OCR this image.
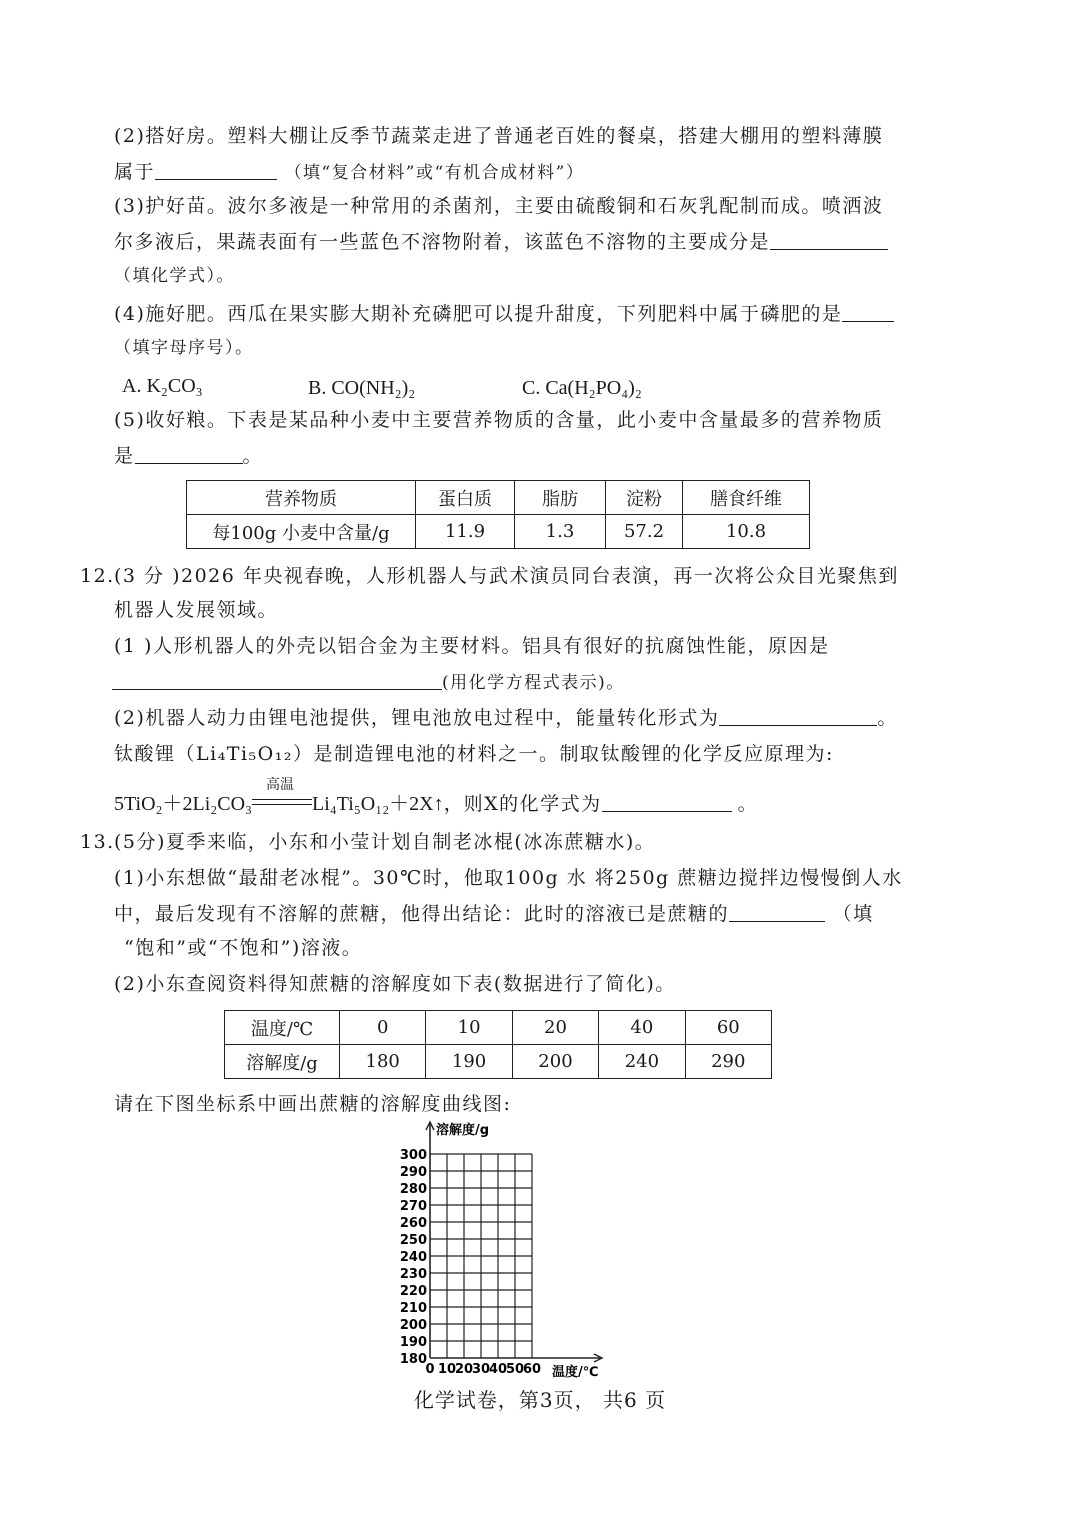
(2)搭好房。塑料大棚让反季节蔬菜走进了普通老百姓的餐桌，搭建大棚用的塑料薄膜
属于	（填“复合材料”或“有机合成材料”）
(3)护好苗。波尔多液是一种常用的杀菌剂，主要由硫酸铜和石灰乳配制而成。喷洒波
尔多液后，果蔬表面有一些蓝色不溶物附着，该蓝色不溶物的主要成分是
（填化学式）。
(4)施好肥。西瓜在果实膨大期补充磷肥可以提升甜度，下列肥料中属于磷肥的是
（填字母序号）。
A. K₂CO₃	B. CO(NH₂)₂	C. Ca(H₂PO₄)₂
(5)收好粮。下表是某品种小麦中主要营养物质的含量，此小麦中含量最多的营养物质
是	。
营养物质	蛋白质	脂肪	淀粉	膳食纤维
每100g 小麦中含量/g	11.9	1.3	57.2	10.8
12. (3 分 )2026 年央视春晚，人形机器人与武术演员同台表演，再一次将公众目光聚焦到
机器人发展领域。
(1 )人形机器人的外壳以铝合金为主要材料。铝具有很好的抗腐蚀性能，原因是
(用化学方程式表示)。
(2)机器人动力由锂电池提供，锂电池放电过程中，能量转化形式为	。
钛酸锂（Li₄Ti₅O₁₂）是制造锂电池的材料之一。制取钛酸锂的化学反应原理为:
5TiO₂＋2Li₂CO₃
高温
Li₄Ti₅O₁₂＋2X↑，则X的化学式为	。
13. (5分)夏季来临，小东和小莹计划自制老冰棍(冰冻蔗糖水)。
(1)小东想做“最甜老冰棍”。30℃时，他取100g 水 将250g 蔗糖边搅拌边慢慢倒人水
中，最后发现有不溶解的蔗糖，他得出结论：此时的溶液已是蔗糖的	（填
“饱和”或“不饱和”)溶液。
(2)小东查阅资料得知蔗糖的溶解度如下表(数据进行了简化)。
温度/℃	0	10	20	40	60
溶解度/g	180	190	200	240	290
请在下图坐标系中画出蔗糖的溶解度曲线图:
300
290
280
270
260
250
240
230
220
210
200
190
180
0 10
20
30
40
50
60
溶解度/g
温度/℃
化学试卷，第3页， 共6 页
